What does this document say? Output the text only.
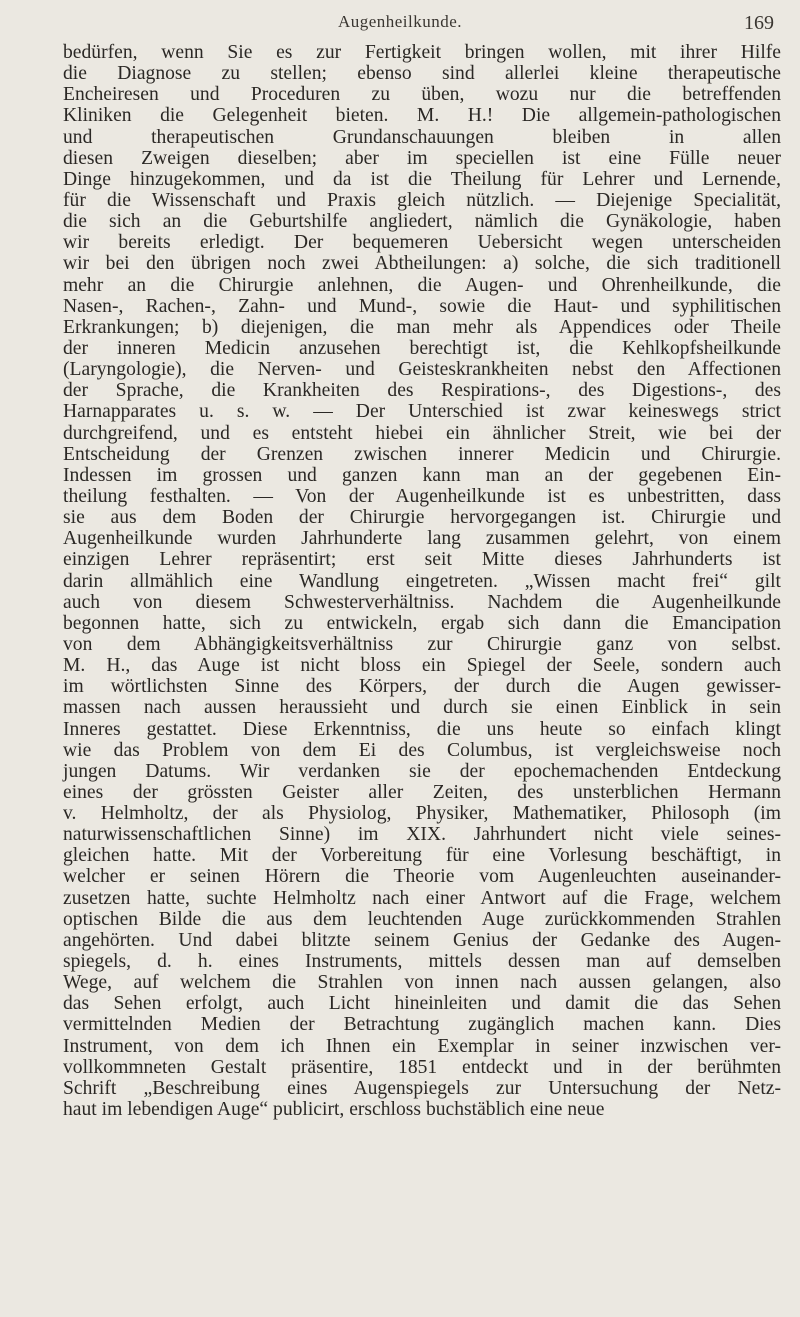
Augenheilkunde.	169
bedürfen, wenn Sie es zur Fertigkeit bringen wollen, mit ihrer Hilfe
die Diagnose zu stellen; ebenso sind allerlei kleine therapeutische
Encheiresen und Proceduren zu üben, wozu nur die betreffenden
Kliniken die Gelegenheit bieten. M. H.! Die allgemein-pathologischen
und therapeutischen Grundanschauungen bleiben in allen
diesen Zweigen dieselben; aber im speciellen ist eine Fülle neuer
Dinge hinzugekommen, und da ist die Theilung für Lehrer und Lernende,
für die Wissenschaft und Praxis gleich nützlich. — Diejenige Specialität,
die sich an die Geburtshilfe angliedert, nämlich die Gynäkologie, haben
wir bereits erledigt. Der bequemeren Uebersicht wegen unterscheiden
wir bei den übrigen noch zwei Abtheilungen: a) solche, die sich traditionell
mehr an die Chirurgie anlehnen, die Augen- und Ohrenheilkunde, die
Nasen-, Rachen-, Zahn- und Mund-, sowie die Haut- und syphilitischen
Erkrankungen; b) diejenigen, die man mehr als Appendices oder Theile
der inneren Medicin anzusehen berechtigt ist, die Kehlkopfsheilkunde
(Laryngologie), die Nerven- und Geisteskrankheiten nebst den Affectionen
der Sprache, die Krankheiten des Respirations-, des Digestions-, des
Harnapparates u. s. w. — Der Unterschied ist zwar keineswegs strict
durchgreifend, und es entsteht hiebei ein ähnlicher Streit, wie bei der
Entscheidung der Grenzen zwischen innerer Medicin und Chirurgie.
Indessen im grossen und ganzen kann man an der gegebenen Ein-
theilung festhalten. — Von der Augenheilkunde ist es unbestritten, dass
sie aus dem Boden der Chirurgie hervorgegangen ist. Chirurgie und
Augenheilkunde wurden Jahrhunderte lang zusammen gelehrt, von einem
einzigen Lehrer repräsentirt; erst seit Mitte dieses Jahrhunderts ist
darin allmählich eine Wandlung eingetreten. „Wissen macht frei“ gilt
auch von diesem Schwesterverhältniss. Nachdem die Augenheilkunde
begonnen hatte, sich zu entwickeln, ergab sich dann die Emancipation
von dem Abhängigkeitsverhältniss zur Chirurgie ganz von selbst.
M. H., das Auge ist nicht bloss ein Spiegel der Seele, sondern auch
im wörtlichsten Sinne des Körpers, der durch die Augen gewisser-
massen nach aussen heraussieht und durch sie einen Einblick in sein
Inneres gestattet. Diese Erkenntniss, die uns heute so einfach klingt
wie das Problem von dem Ei des Columbus, ist vergleichsweise noch
jungen Datums. Wir verdanken sie der epochemachenden Entdeckung
eines der grössten Geister aller Zeiten, des unsterblichen Hermann
v. Helmholtz, der als Physiolog, Physiker, Mathematiker, Philosoph (im
naturwissenschaftlichen Sinne) im XIX. Jahrhundert nicht viele seines-
gleichen hatte. Mit der Vorbereitung für eine Vorlesung beschäftigt, in
welcher er seinen Hörern die Theorie vom Augenleuchten auseinander-
zusetzen hatte, suchte Helmholtz nach einer Antwort auf die Frage, welchem
optischen Bilde die aus dem leuchtenden Auge zurückkommenden Strahlen
angehörten. Und dabei blitzte seinem Genius der Gedanke des Augen-
spiegels, d. h. eines Instruments, mittels dessen man auf demselben
Wege, auf welchem die Strahlen von innen nach aussen gelangen, also
das Sehen erfolgt, auch Licht hineinleiten und damit die das Sehen
vermittelnden Medien der Betrachtung zugänglich machen kann. Dies
Instrument, von dem ich Ihnen ein Exemplar in seiner inzwischen ver-
vollkommneten Gestalt präsentire, 1851 entdeckt und in der berühmten
Schrift „Beschreibung eines Augenspiegels zur Untersuchung der Netz-
haut im lebendigen Auge“ publicirt, erschloss buchstäblich eine neue
